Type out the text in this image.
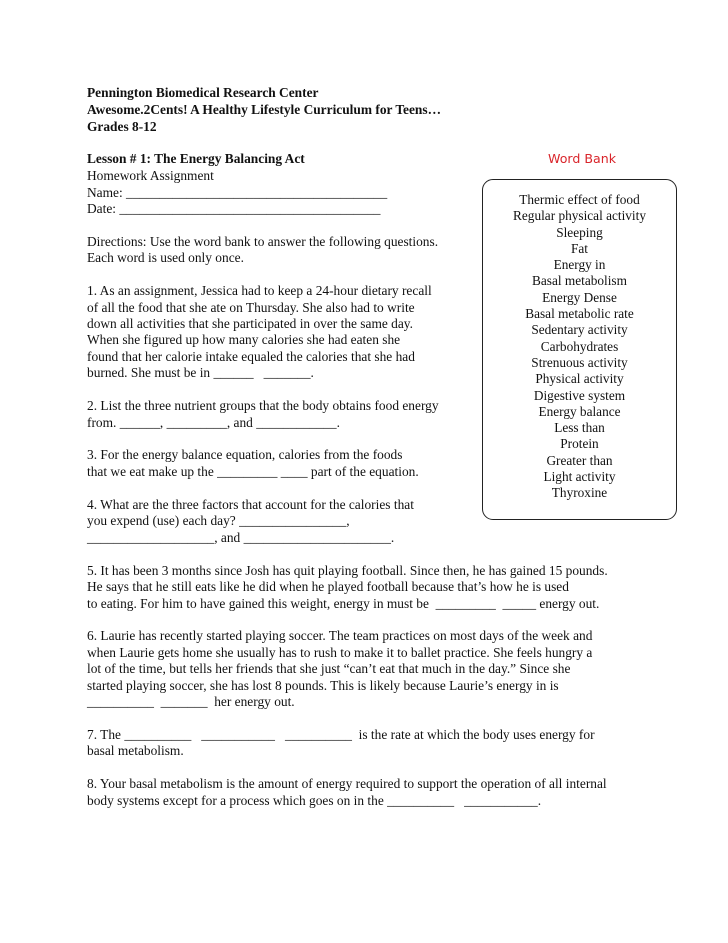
Pennington Biomedical Research Center
Awesome.2Cents! A Healthy Lifestyle Curriculum for Teens…
Grades 8-12
Lesson # 1: The Energy Balancing Act
Homework Assignment
Name: _______________________________________
Date: _______________________________________
Directions: Use the word bank to answer the following questions.
Each word is used only once.
1. As an assignment, Jessica had to keep a 24-hour dietary recall
of all the food that she ate on Thursday. She also had to write
down all activities that she participated in over the same day.
When she figured up how many calories she had eaten she
found that her calorie intake equaled the calories that she had
burned. She must be in ______   _______.
2. List the three nutrient groups that the body obtains food energy
from. ______, _________, and ____________.
3. For the energy balance equation, calories from the foods
that we eat make up the _________ ____ part of the equation.
4. What are the three factors that account for the calories that
you expend (use) each day? ________________,
___________________, and ______________________.
5. It has been 3 months since Josh has quit playing football. Since then, he has gained 15 pounds.
He says that he still eats like he did when he played football because that’s how he is used
to eating. For him to have gained this weight, energy in must be  _________  _____ energy out.
6. Laurie has recently started playing soccer. The team practices on most days of the week and
when Laurie gets home she usually has to rush to make it to ballet practice. She feels hungry a
lot of the time, but tells her friends that she just “can’t eat that much in the day.” Since she
started playing soccer, she has lost 8 pounds. This is likely because Laurie’s energy in is
__________  _______  her energy out.
7. The __________   ___________   __________  is the rate at which the body uses energy for
basal metabolism.
8. Your basal metabolism is the amount of energy required to support the operation of all internal
body systems except for a process which goes on in the __________   ___________.
Word Bank
Thermic effect of food
Regular physical activity
Sleeping
Fat
Energy in
Basal metabolism
Energy Dense
Basal metabolic rate
Sedentary activity
Carbohydrates
Strenuous activity
Physical activity
Digestive system
Energy balance
Less than
Protein
Greater than
Light activity
Thyroxine
